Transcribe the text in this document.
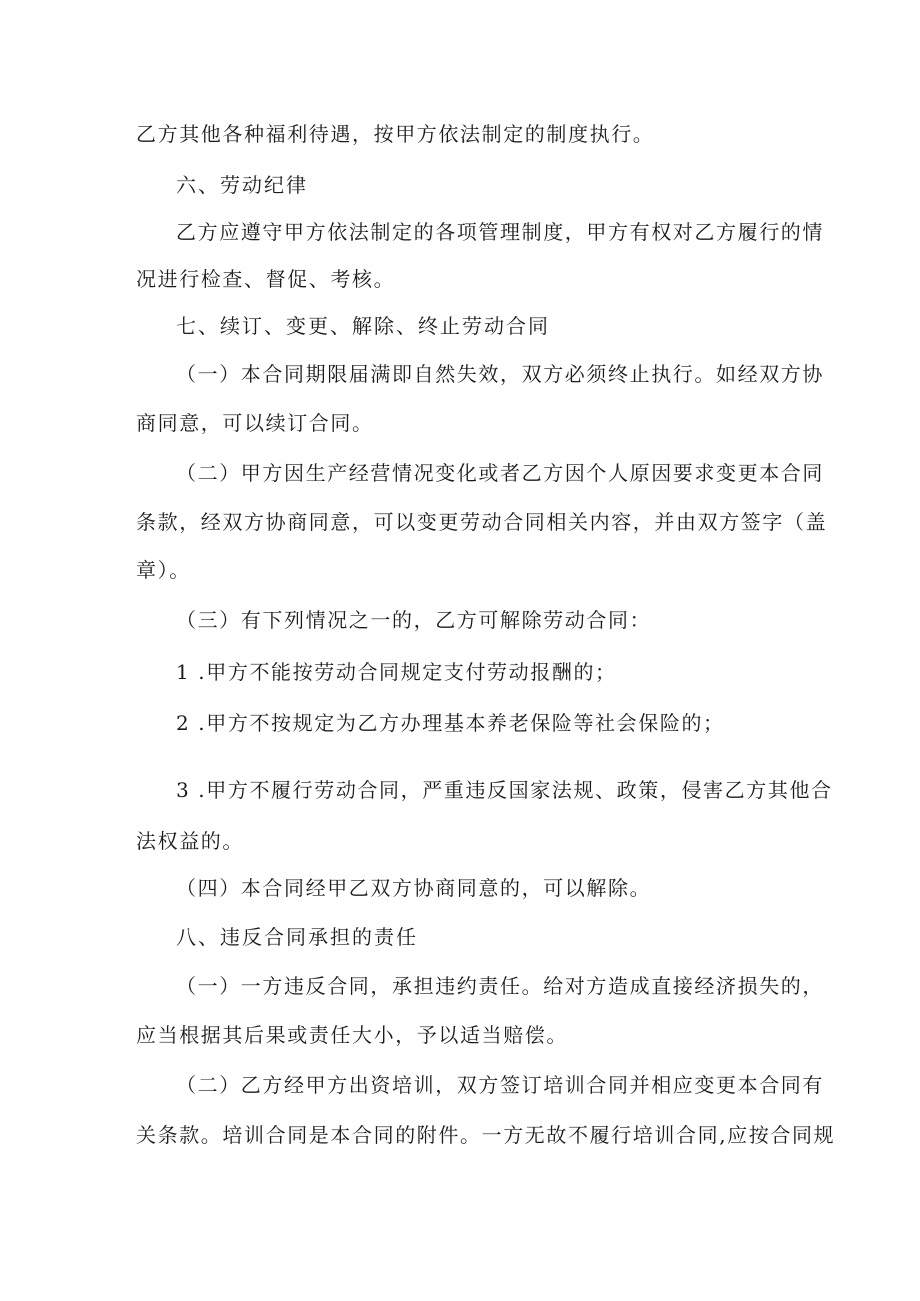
乙方其他各种福利待遇，按甲方依法制定的制度执行。
六、劳动纪律
乙方应遵守甲方依法制定的各项管理制度，甲方有权对乙方履行的情
况进行检查、督促、考核。
七、续订、变更、解除、终止劳动合同
（一）本合同期限届满即自然失效，双方必须终止执行。如经双方协
商同意，可以续订合同。
（二）甲方因生产经营情况变化或者乙方因个人原因要求变更本合同
条款，经双方协商同意，可以变更劳动合同相关内容，并由双方签字（盖
章）。
（三）有下列情况之一的，乙方可解除劳动合同：
1 .甲方不能按劳动合同规定支付劳动报酬的；
2 .甲方不按规定为乙方办理基本养老保险等社会保险的；
3 .甲方不履行劳动合同，严重违反国家法规、政策，侵害乙方其他合
法权益的。
（四）本合同经甲乙双方协商同意的，可以解除。
八、违反合同承担的责任
（一）一方违反合同，承担违约责任。给对方造成直接经济损失的，
应当根据其后果或责任大小，予以适当赔偿。
（二）乙方经甲方出资培训，双方签订培训合同并相应变更本合同有
关条款。培训合同是本合同的附件。一方无故不履行培训合同,应按合同规
